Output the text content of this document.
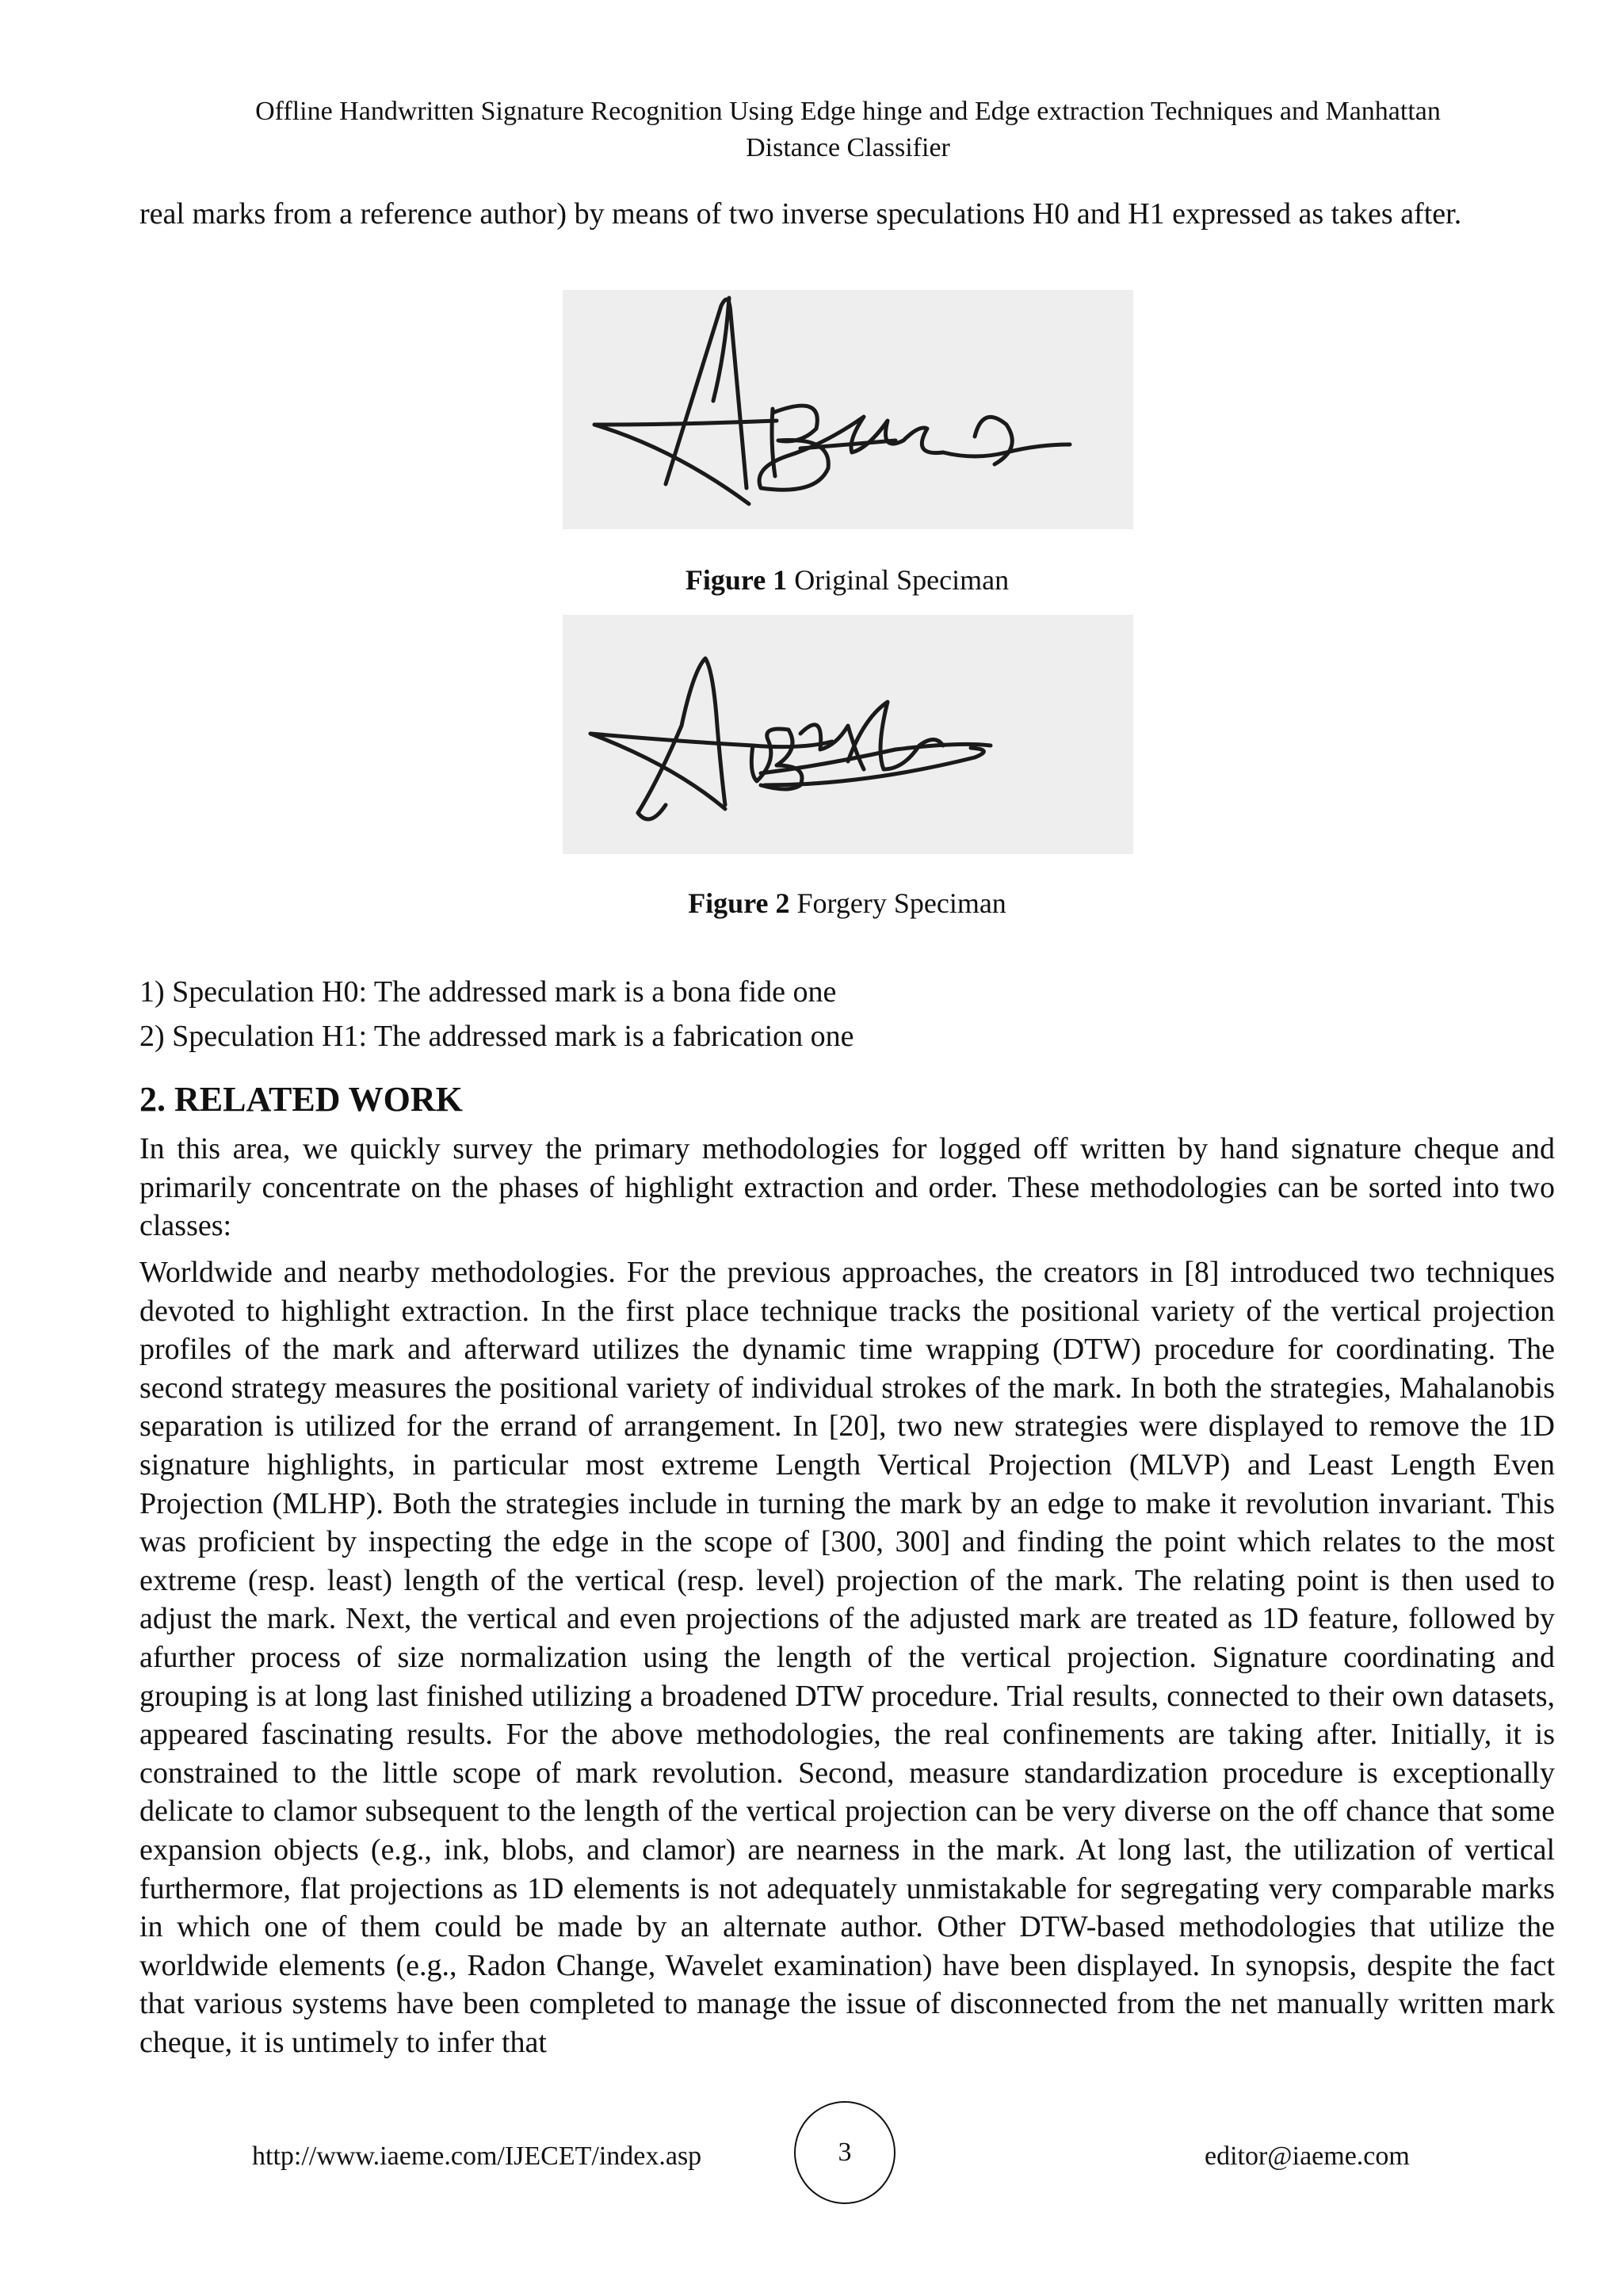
Offline Handwritten Signature Recognition Using Edge hinge and Edge extraction Techniques and Manhattan
Distance Classifier

real marks from a reference author) by means of two inverse speculations H0 and H1 expressed as takes after.

Figure 1 Original Speciman
Figure 2 Forgery Speciman
1) Speculation H0: The addressed mark is a bona fide one
2) Speculation H1: The addressed mark is a fabrication one
2. RELATED WORK

In this area, we quickly survey the primary methodologies for logged off written by hand signature cheque and primarily concentrate on the phases of highlight extraction and order. These methodologies can be sorted into two classes:

Worldwide and nearby methodologies. For the previous approaches, the creators in [8] introduced two techniques devoted to highlight extraction. In the first place technique tracks the positional variety of the vertical projection profiles of the mark and afterward utilizes the dynamic time wrapping (DTW) procedure for coordinating. The second strategy measures the positional variety of individual strokes of the mark. In both the strategies, Mahalanobis separation is utilized for the errand of arrangement. In [20], two new strategies were displayed to remove the 1D signature highlights, in particular most extreme Length Vertical Projection (MLVP) and Least Length Even Projection (MLHP). Both the strategies include in turning the mark by an edge to make it revolution invariant. This was proficient by inspecting the edge in the scope of [300, 300] and finding the point which relates to the most extreme (resp. least) length of the vertical (resp. level) projection of the mark. The relating point is then used to adjust the mark. Next, the vertical and even projections of the adjusted mark are treated as 1D feature, followed by afurther process of size normalization using the length of the vertical projection. Signature coordinating and grouping is at long last finished utilizing a broadened DTW procedure. Trial results, connected to their own datasets, appeared fascinating results. For the above methodologies, the real confinements are taking after. Initially, it is constrained to the little scope of mark revolution. Second, measure standardization procedure is exceptionally delicate to clamor subsequent to the length of the vertical projection can be very diverse on the off chance that some expansion objects (e.g., ink, blobs, and clamor) are nearness in the mark. At long last, the utilization of vertical furthermore, flat projections as 1D elements is not adequately unmistakable for segregating very comparable marks in which one of them could be made by an alternate author. Other DTW-based methodologies that utilize the worldwide elements (e.g., Radon Change, Wavelet examination) have been displayed. In synopsis, despite the fact that various systems have been completed to manage the issue of disconnected from the net manually written mark cheque, it is untimely to infer that

http://www.iaeme.com/IJECET/index.asp	3	editor@iaeme.com
